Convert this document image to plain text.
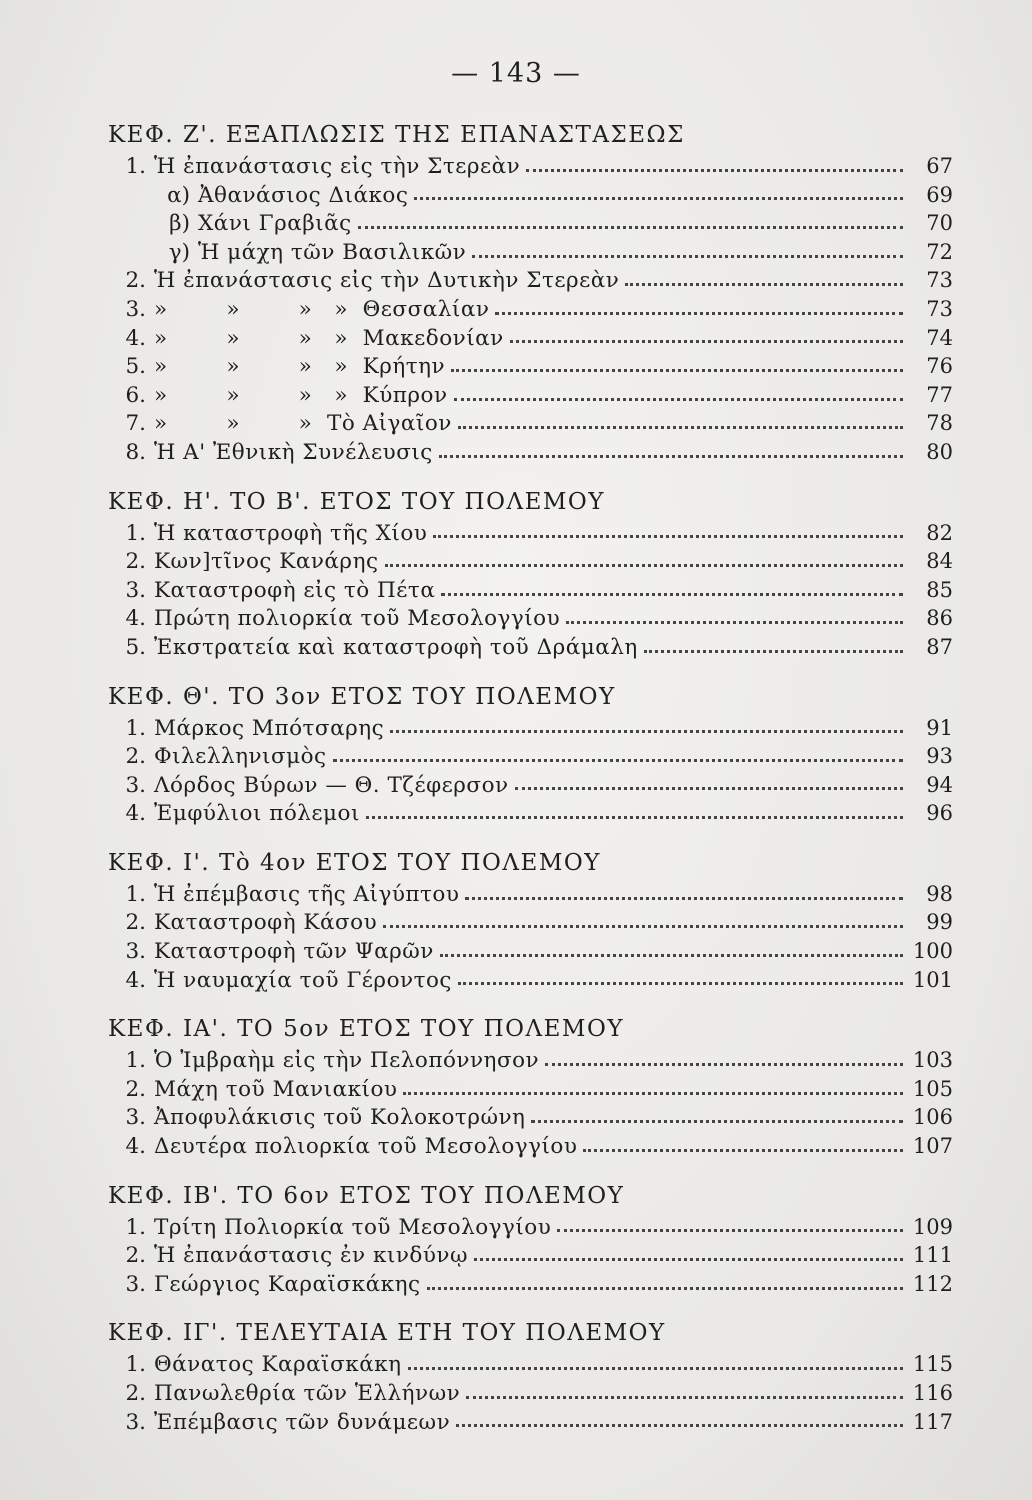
— 143 —
ΚΕΦ. Ζ'. ΕΞΑΠΛΩΣΙΣ ΤΗΣ ΕΠΑΝΑΣΤΑΣΕΩΣ
1. Ἡ ἐπανάστασις εἰς τὴν Στερεὰν	67
α) Ἀθανάσιος Διάκος	69
β) Χάνι Γραβιᾶς	70
γ) Ἡ μάχη τῶν Βασιλικῶν	72
2. Ἡ ἐπανάστασις εἰς τὴν Δυτικὴν Στερεὰν	73
3. »        »        »   »  Θεσσαλίαν	73
4. »        »        »   »  Μακεδονίαν	74
5. »        »        »   »  Κρήτην	76
6. »        »        »   »  Κύπρον	77
7. »        »        »  Τὸ Αἰγαῖον	78
8. Ἡ Α' Ἐθνικὴ Συνέλευσις	80
ΚΕΦ. Η'. ΤΟ Β'. ΕΤΟΣ ΤΟΥ ΠΟΛΕΜΟΥ
1. Ἡ καταστροφὴ τῆς Χίου	82
2. Κων]τῖνος Κανάρης	84
3. Καταστροφὴ εἰς τὸ Πέτα	85
4. Πρώτη πολιορκία τοῦ Μεσολογγίου	86
5. Ἐκστρατεία καὶ καταστροφὴ τοῦ Δράμαλη	87
ΚΕΦ. Θ'. ΤΟ 3ον ΕΤΟΣ ΤΟΥ ΠΟΛΕΜΟΥ
1. Μάρκος Μπότσαρης	91
2. Φιλελληνισμὸς	93
3. Λόρδος Βύρων — Θ. Τζέφερσον	94
4. Ἐμφύλιοι πόλεμοι	96
ΚΕΦ. Ι'. Τὸ 4ον ΕΤΟΣ ΤΟΥ ΠΟΛΕΜΟΥ
1. Ἡ ἐπέμβασις τῆς Αἰγύπτου	98
2. Καταστροφὴ Κάσου	99
3. Καταστροφὴ τῶν Ψαρῶν	100
4. Ἡ ναυμαχία τοῦ Γέροντος	101
ΚΕΦ. ΙΑ'. ΤΟ 5ον ΕΤΟΣ ΤΟΥ ΠΟΛΕΜΟΥ
1. Ὁ Ἰμβραὴμ εἰς τὴν Πελοπόννησον	103
2. Μάχη τοῦ Μανιακίου	105
3. Ἀποφυλάκισις τοῦ Κολοκοτρώνη	106
4. Δευτέρα πολιορκία τοῦ Μεσολογγίου	107
ΚΕΦ. ΙΒ'. ΤΟ 6ον ΕΤΟΣ ΤΟΥ ΠΟΛΕΜΟΥ
1. Τρίτη Πολιορκία τοῦ Μεσολογγίου	109
2. Ἡ ἐπανάστασις ἐν κινδύνῳ	111
3. Γεώργιος Καραϊσκάκης	112
ΚΕΦ. ΙΓ'. ΤΕΛΕΥΤΑΙΑ ΕΤΗ ΤΟΥ ΠΟΛΕΜΟΥ
1. Θάνατος Καραϊσκάκη	115
2. Πανωλεθρία τῶν Ἑλλήνων	116
3. Ἐπέμβασις τῶν δυνάμεων	117
